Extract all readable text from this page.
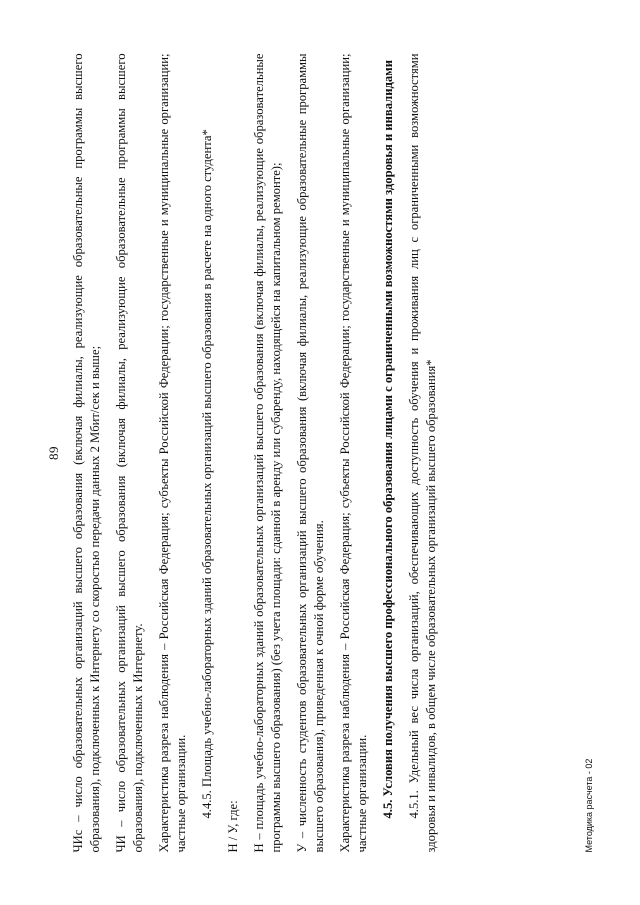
89 ЧИс – число образовательных организаций высшего образования (включая филиалы, реализующие образовательные программы высшего образования), подключенных к Интернету со скоростью передачи данных 2 Мбит/сек и выше; ЧИ – число образовательных организаций высшего образования (включая филиалы, реализующие образовательные программы высшего образования), подключенных к Интернету. Характеристика разреза наблюдения – Российская Федерация; субъекты Российской Федерации; государственные и муниципальные организации; частные организации. 4.4.5. Площадь учебно-лабораторных зданий образовательных организаций высшего образования в расчете на одного студента*

Н / У, где: Н – площадь учебно-лабораторных зданий образовательных организаций высшего образования (включая филиалы, реализующие образовательные программы высшего образования) (без учета площади: сданной в аренду или субаренду, находящейся на капитальном ремонте); У – численность студентов образовательных организаций высшего образования (включая филиалы, реализующие образовательные программы высшего образования), приведенная к очной форме обучения. Характеристика разреза наблюдения – Российская Федерация; субъекты Российской Федерации; государственные и муниципальные организации; частные организации. 4.5. Условия получения высшего профессионального образования лицами с ограниченными возможностями здоровья и инвалидами 4.5.1. Удельный вес числа организаций, обеспечивающих доступность обучения и проживания лиц с ограниченными возможностями здоровья и инвалидов, в общем числе образовательных организаций высшего образования*	Методика расчета - 02
